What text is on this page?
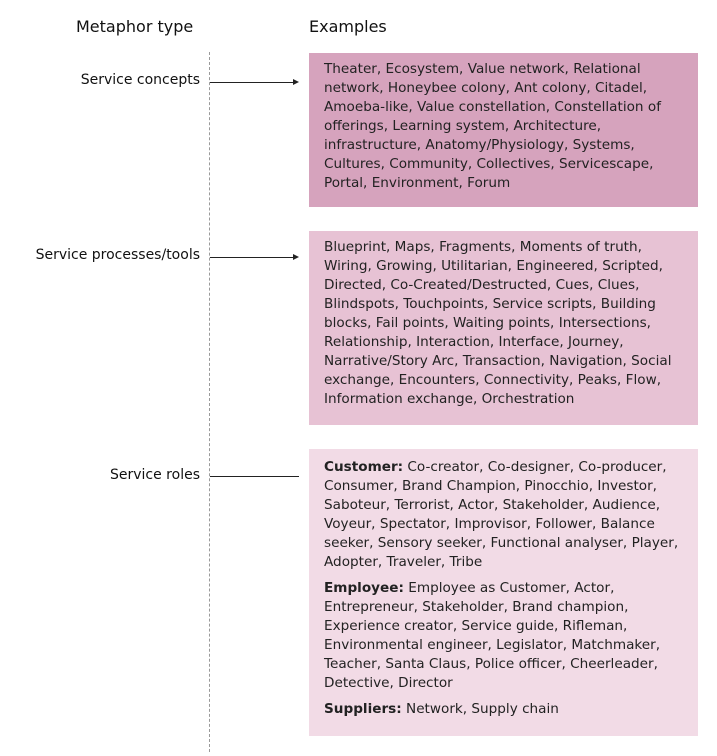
Metaphor type	Examples
Service concepts
Service processes/tools
Service roles

Theater, Ecosystem, Value network, Relational network, Honeybee colony, Ant colony, Citadel, Amoeba-like, Value constellation, Constellation of offerings, Learning system, Architecture, infrastructure, Anatomy/Physiology, Systems, Cultures, Community, Collectives, Servicescape, Portal, Environment, Forum

Blueprint, Maps, Fragments, Moments of truth, Wiring, Growing, Utilitarian, Engineered, Scripted, Directed, Co-Created/Destructed, Cues, Clues, Blindspots, Touchpoints, Service scripts, Building blocks, Fail points, Waiting points, Intersections, Relationship, Interaction, Interface, Journey, Narrative/Story Arc, Transaction, Navigation, Social exchange, Encounters, Connectivity, Peaks, Flow, Information exchange, Orchestration

Customer: Co-creator, Co-designer, Co-producer, Consumer, Brand Champion, Pinocchio, Investor, Saboteur, Terrorist, Actor, Stakeholder, Audience, Voyeur, Spectator, Improvisor, Follower, Balance seeker, Sensory seeker, Functional analyser, Player, Adopter, Traveler, Tribe

Employee: Employee as Customer, Actor, Entrepreneur, Stakeholder, Brand champion, Experience creator, Service guide, Rifleman, Environmental engineer, Legislator, Matchmaker, Teacher, Santa Claus, Police officer, Cheerleader, Detective, Director

Suppliers: Network, Supply chain
